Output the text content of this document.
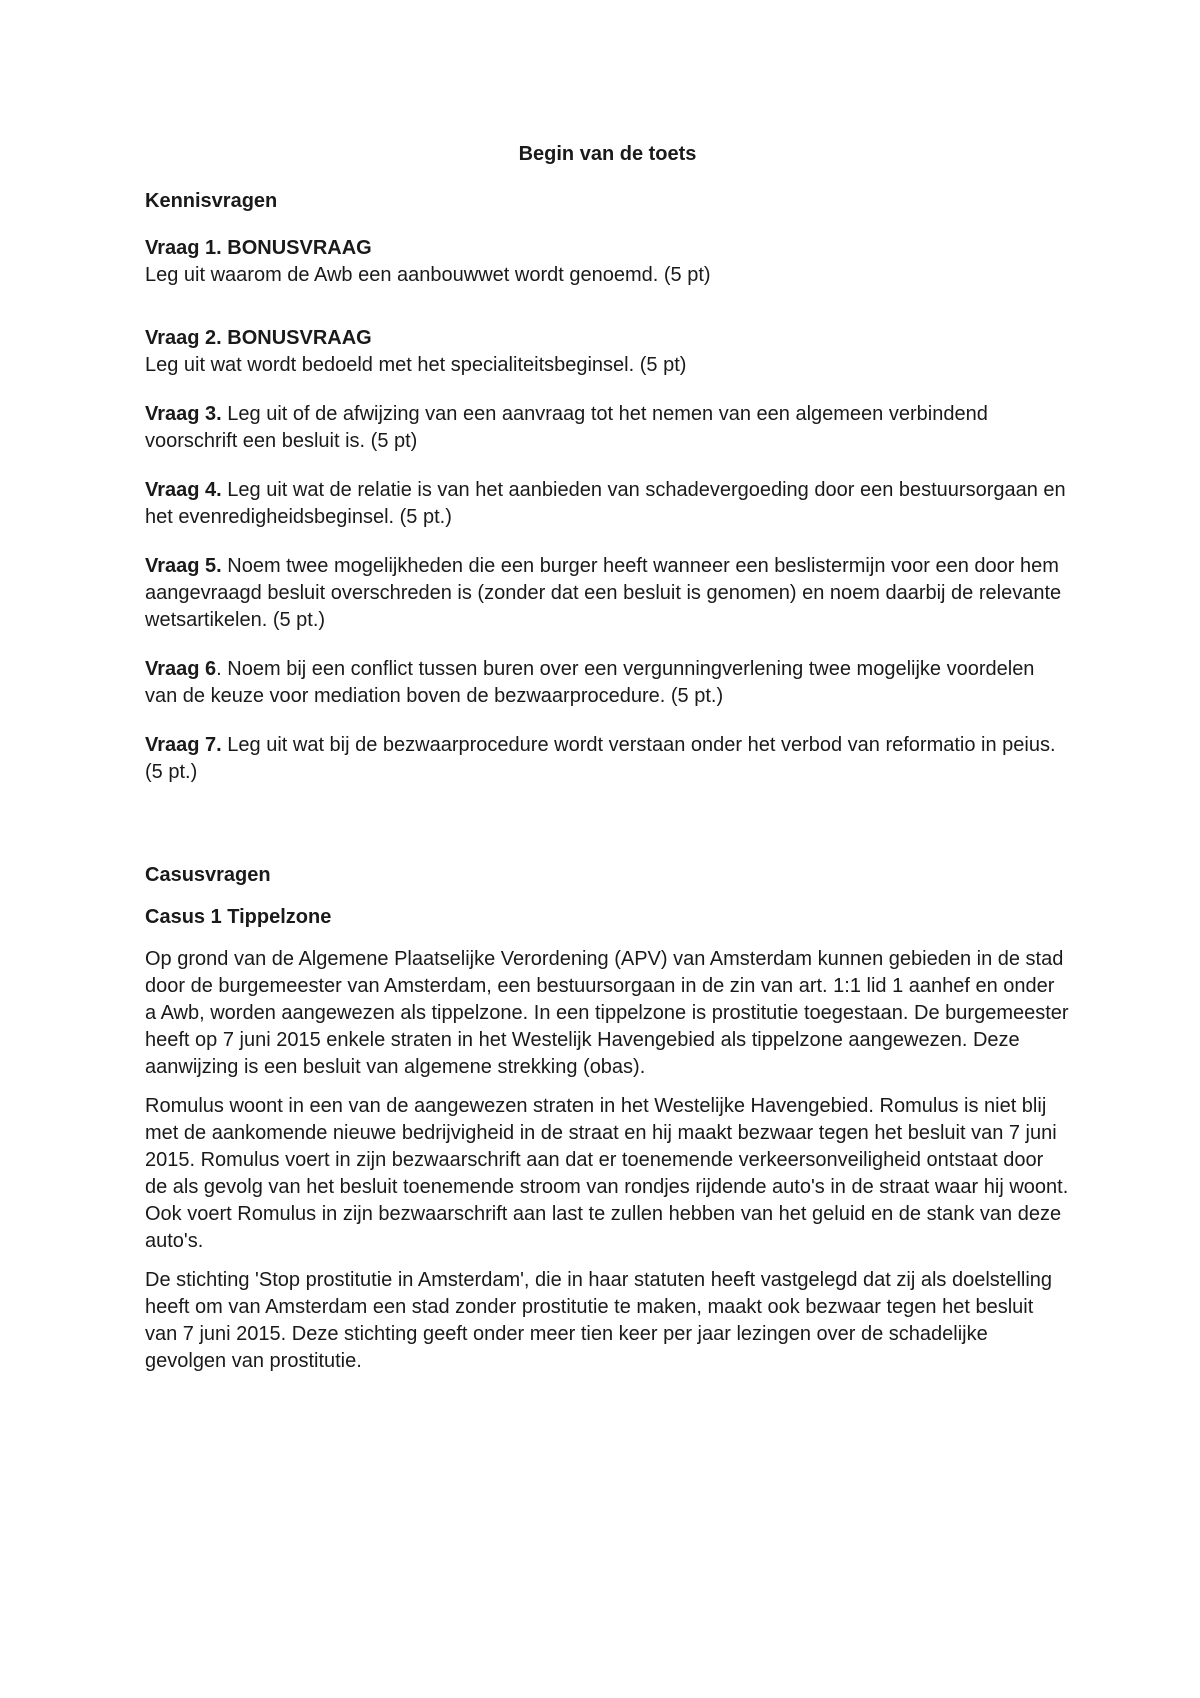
Begin van de toets
Kennisvragen
Vraag 1. BONUSVRAAG
Leg uit waarom de Awb een aanbouwwet wordt genoemd. (5 pt)
Vraag 2. BONUSVRAAG
Leg uit wat wordt bedoeld met het specialiteitsbeginsel. (5 pt)
Vraag 3. Leg uit of de afwijzing van een aanvraag tot het nemen van een algemeen verbindend voorschrift een besluit is. (5 pt)
Vraag 4. Leg uit wat de relatie is van het aanbieden van schadevergoeding door een bestuursorgaan en het evenredigheidsbeginsel. (5 pt.)
Vraag 5. Noem twee mogelijkheden die een burger heeft wanneer een beslistermijn voor een door hem aangevraagd besluit overschreden is (zonder dat een besluit is genomen) en noem daarbij de relevante wetsartikelen. (5 pt.)
Vraag 6. Noem bij een conflict tussen buren over een vergunningverlening twee mogelijke voordelen van de keuze voor mediation boven de bezwaarprocedure. (5 pt.)
Vraag 7. Leg uit wat bij de bezwaarprocedure wordt verstaan onder het verbod van reformatio in peius. (5 pt.)
Casusvragen
Casus 1 Tippelzone

Op grond van de Algemene Plaatselijke Verordening (APV) van Amsterdam kunnen gebieden in de stad door de burgemeester van Amsterdam, een bestuursorgaan in de zin van art. 1:1 lid 1 aanhef en onder a Awb, worden aangewezen als tippelzone. In een tippelzone is prostitutie toegestaan. De burgemeester heeft op 7 juni 2015 enkele straten in het Westelijk Havengebied als tippelzone aangewezen. Deze aanwijzing is een besluit van algemene strekking (obas).

Romulus woont in een van de aangewezen straten in het Westelijke Havengebied. Romulus is niet blij met de aankomende nieuwe bedrijvigheid in de straat en hij maakt bezwaar tegen het besluit van 7 juni 2015. Romulus voert in zijn bezwaarschrift aan dat er toenemende verkeersonveiligheid ontstaat door de als gevolg van het besluit toenemende stroom van rondjes rijdende auto's in de straat waar hij woont. Ook voert Romulus in zijn bezwaarschrift aan last te zullen hebben van het geluid en de stank van deze auto's.

De stichting 'Stop prostitutie in Amsterdam', die in haar statuten heeft vastgelegd dat zij als doelstelling heeft om van Amsterdam een stad zonder prostitutie te maken, maakt ook bezwaar tegen het besluit van 7 juni 2015. Deze stichting geeft onder meer tien keer per jaar lezingen over de schadelijke gevolgen van prostitutie.
